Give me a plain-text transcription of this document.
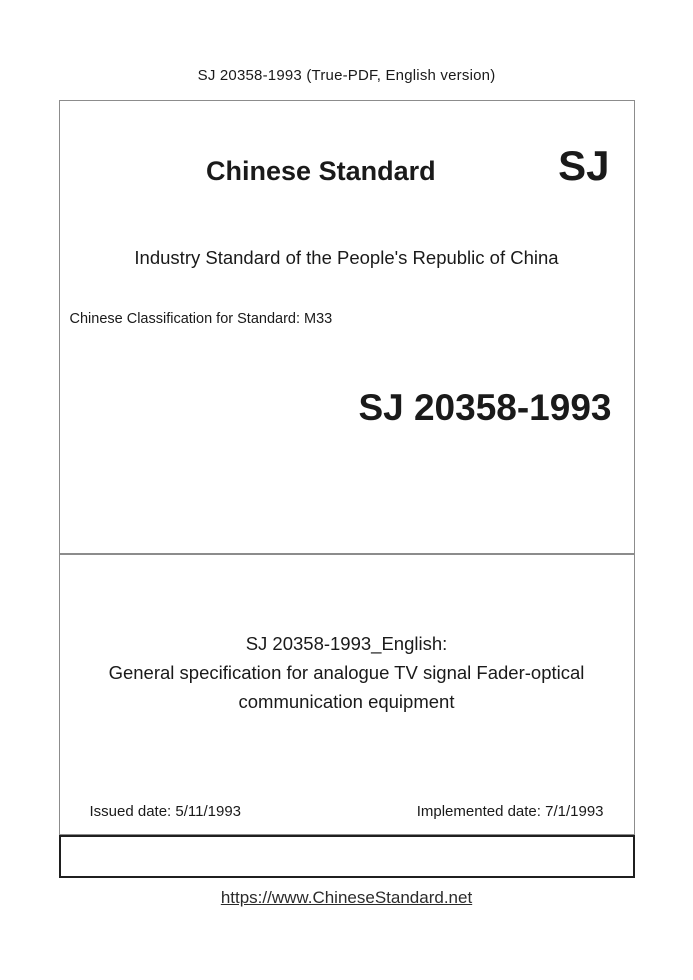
SJ 20358-1993 (True-PDF, English version)
Chinese Standard	SJ
Industry Standard of the People's Republic of China
Chinese Classification for Standard: M33
SJ 20358-1993
SJ 20358-1993_English:
General specification for analogue TV signal Fader-optical
communication equipment
Issued date: 5/11/1993	Implemented date: 7/1/1993
https://www.ChineseStandard.net
